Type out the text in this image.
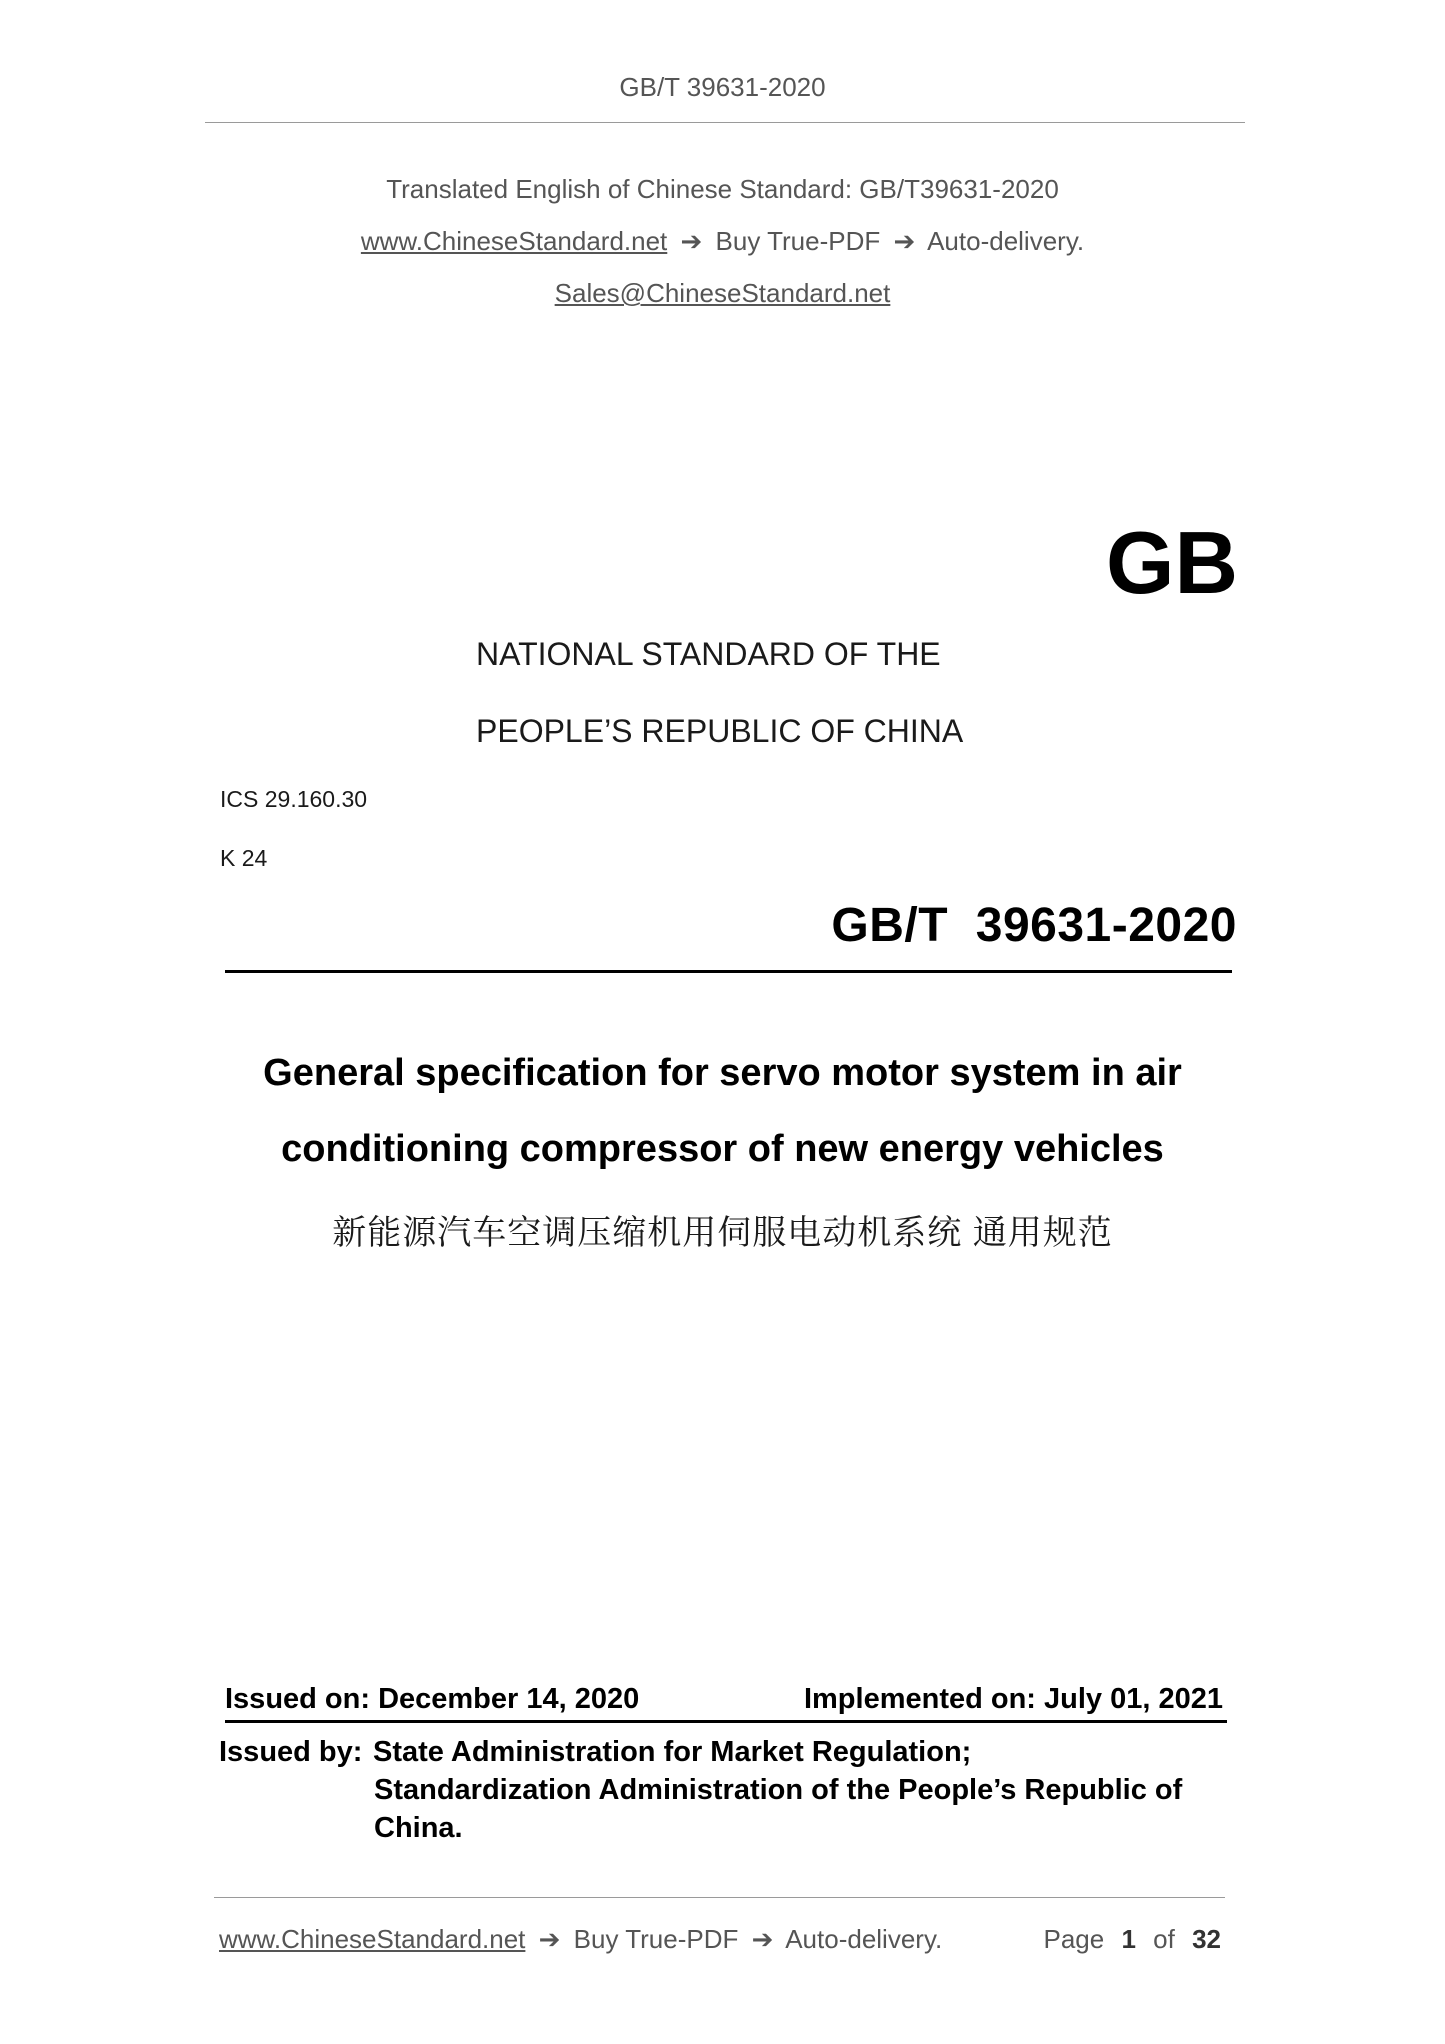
GB/T 39631-2020
Translated English of Chinese Standard: GB/T39631-2020
www.ChineseStandard.net ➔ Buy True-PDF ➔ Auto-delivery.
Sales@ChineseStandard.net
GB
NATIONAL STANDARD OF THE
PEOPLE’S REPUBLIC OF CHINA
ICS 29.160.30
K 24
GB/T  39631-2020
General specification for servo motor system in air
conditioning compressor of new energy vehicles
新能源汽车空调压缩机用伺服电动机系统 通用规范
Issued on: December 14, 2020	Implemented on: July 01, 2021
Issued by: State Administration for Market Regulation;
Standardization Administration of the People’s Republic of
China.
www.ChineseStandard.net ➔ Buy True-PDF ➔ Auto-delivery.	Page 1 of 32
